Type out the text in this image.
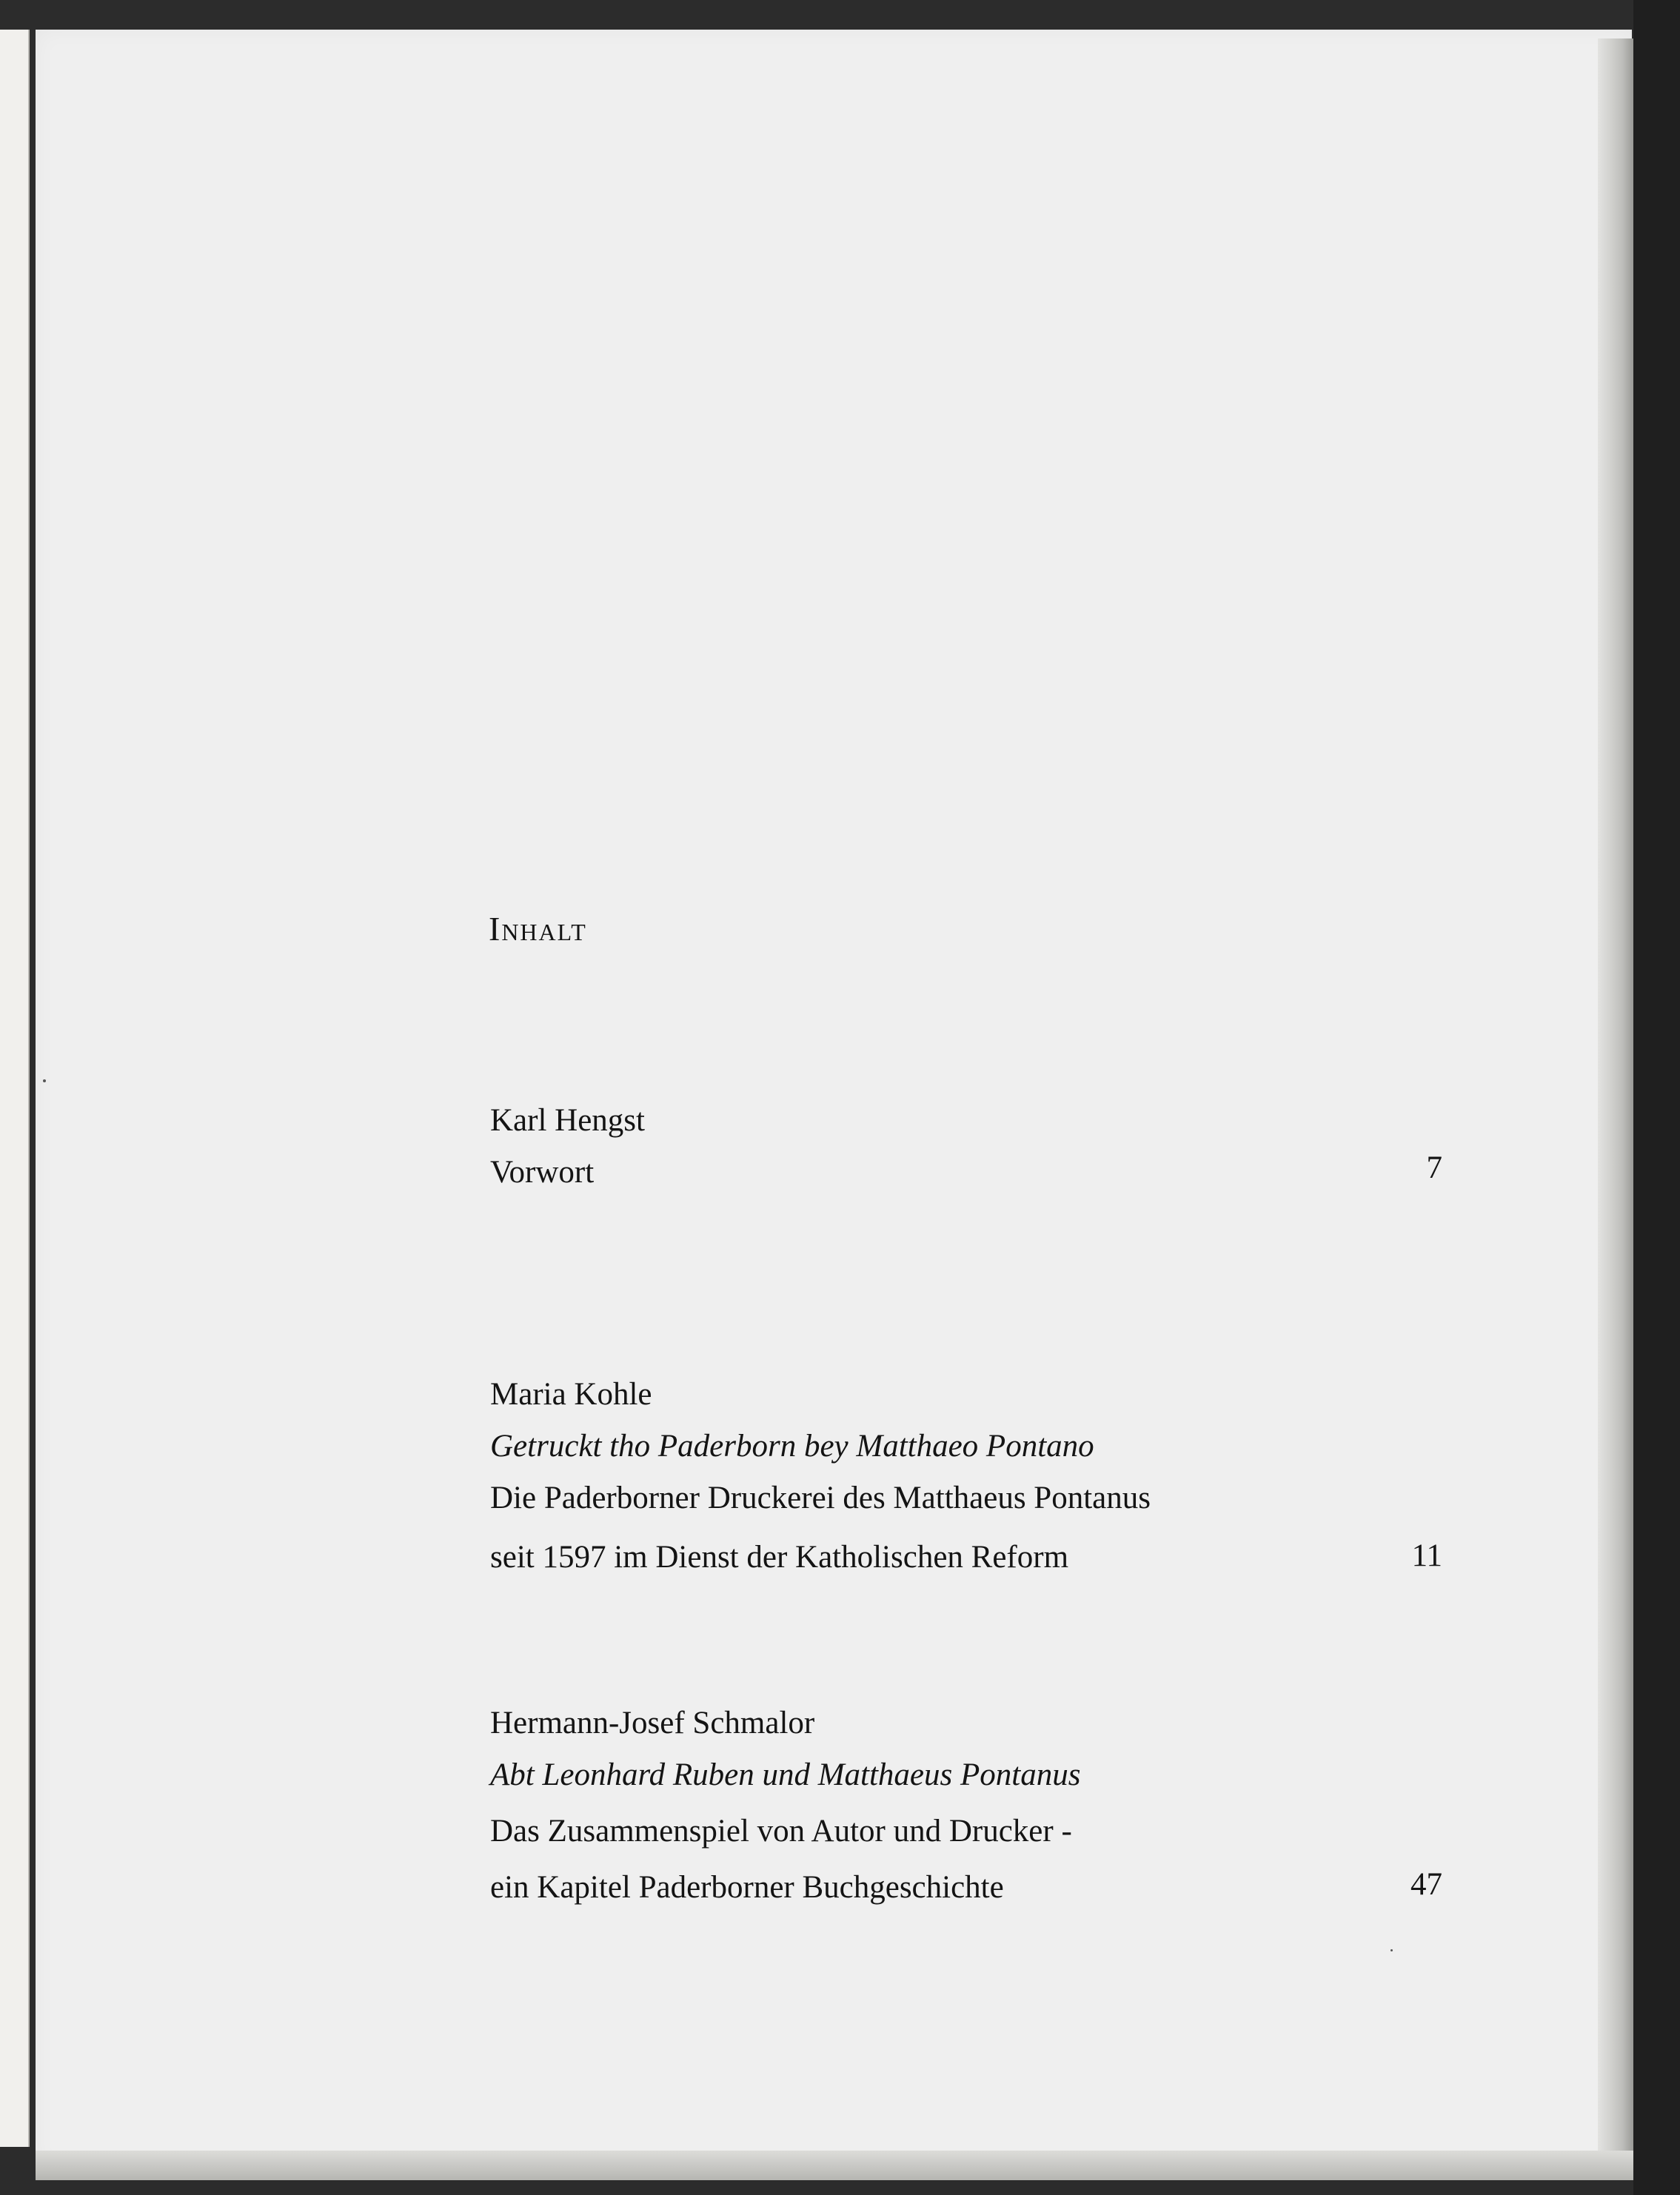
Inhalt
Karl Hengst
Vorwort	7
Maria Kohle
Getruckt tho Paderborn bey Matthaeo Pontano
Die Paderborner Druckerei des Matthaeus Pontanus
seit 1597 im Dienst der Katholischen Reform	11
Hermann-Josef Schmalor
Abt Leonhard Ruben und Matthaeus Pontanus
Das Zusammenspiel von Autor und Drucker -
ein Kapitel Paderborner Buchgeschichte	47
